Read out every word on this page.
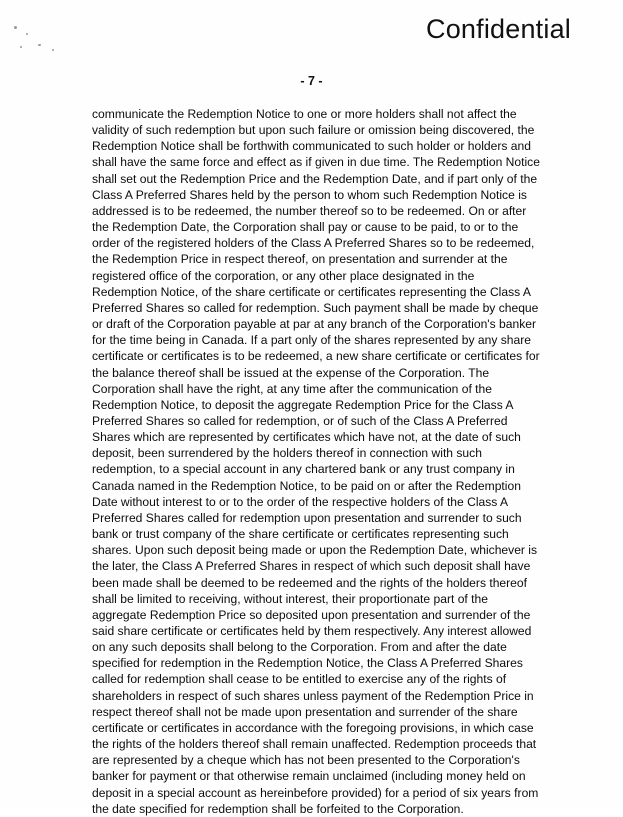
Confidential
- 7 -

communicate the Redemption Notice to one or more holders shall not affect the validity of such redemption but upon such failure or omission being discovered, the Redemption Notice shall be forthwith communicated to such holder or holders and shall have the same force and effect as if given in due time. The Redemption Notice shall set out the Redemption Price and the Redemption Date, and if part only of the Class A Preferred Shares held by the person to whom such Redemption Notice is addressed is to be redeemed, the number thereof so to be redeemed. On or after the Redemption Date, the Corporation shall pay or cause to be paid, to or to the order of the registered holders of the Class A Preferred Shares so to be redeemed, the Redemption Price in respect thereof, on presentation and surrender at the registered office of the corporation, or any other place designated in the Redemption Notice, of the share certificate or certificates representing the Class A Preferred Shares so called for redemption. Such payment shall be made by cheque or draft of the Corporation payable at par at any branch of the Corporation's banker for the time being in Canada. If a part only of the shares represented by any share certificate or certificates is to be redeemed, a new share certificate or certificates for the balance thereof shall be issued at the expense of the Corporation. The Corporation shall have the right, at any time after the communication of the Redemption Notice, to deposit the aggregate Redemption Price for the Class A Preferred Shares so called for redemption, or of such of the Class A Preferred Shares which are represented by certificates which have not, at the date of such deposit, been surrendered by the holders thereof in connection with such redemption, to a special account in any chartered bank or any trust company in Canada named in the Redemption Notice, to be paid on or after the Redemption Date without interest to or to the order of the respective holders of the Class A Preferred Shares called for redemption upon presentation and surrender to such bank or trust company of the share certificate or certificates representing such shares. Upon such deposit being made or upon the Redemption Date, whichever is the later, the Class A Preferred Shares in respect of which such deposit shall have been made shall be deemed to be redeemed and the rights of the holders thereof shall be limited to receiving, without interest, their proportionate part of the aggregate Redemption Price so deposited upon presentation and surrender of the said share certificate or certificates held by them respectively. Any interest allowed on any such deposits shall belong to the Corporation. From and after the date specified for redemption in the Redemption Notice, the Class A Preferred Shares called for redemption shall cease to be entitled to exercise any of the rights of shareholders in respect of such shares unless payment of the Redemption Price in respect thereof shall not be made upon presentation and surrender of the share certificate or certificates in accordance with the foregoing provisions, in which case the rights of the holders thereof shall remain unaffected. Redemption proceeds that are represented by a cheque which has not been presented to the Corporation's banker for payment or that otherwise remain unclaimed (including money held on deposit in a special account as hereinbefore provided) for a period of six years from the date specified for redemption shall be forfeited to the Corporation.
